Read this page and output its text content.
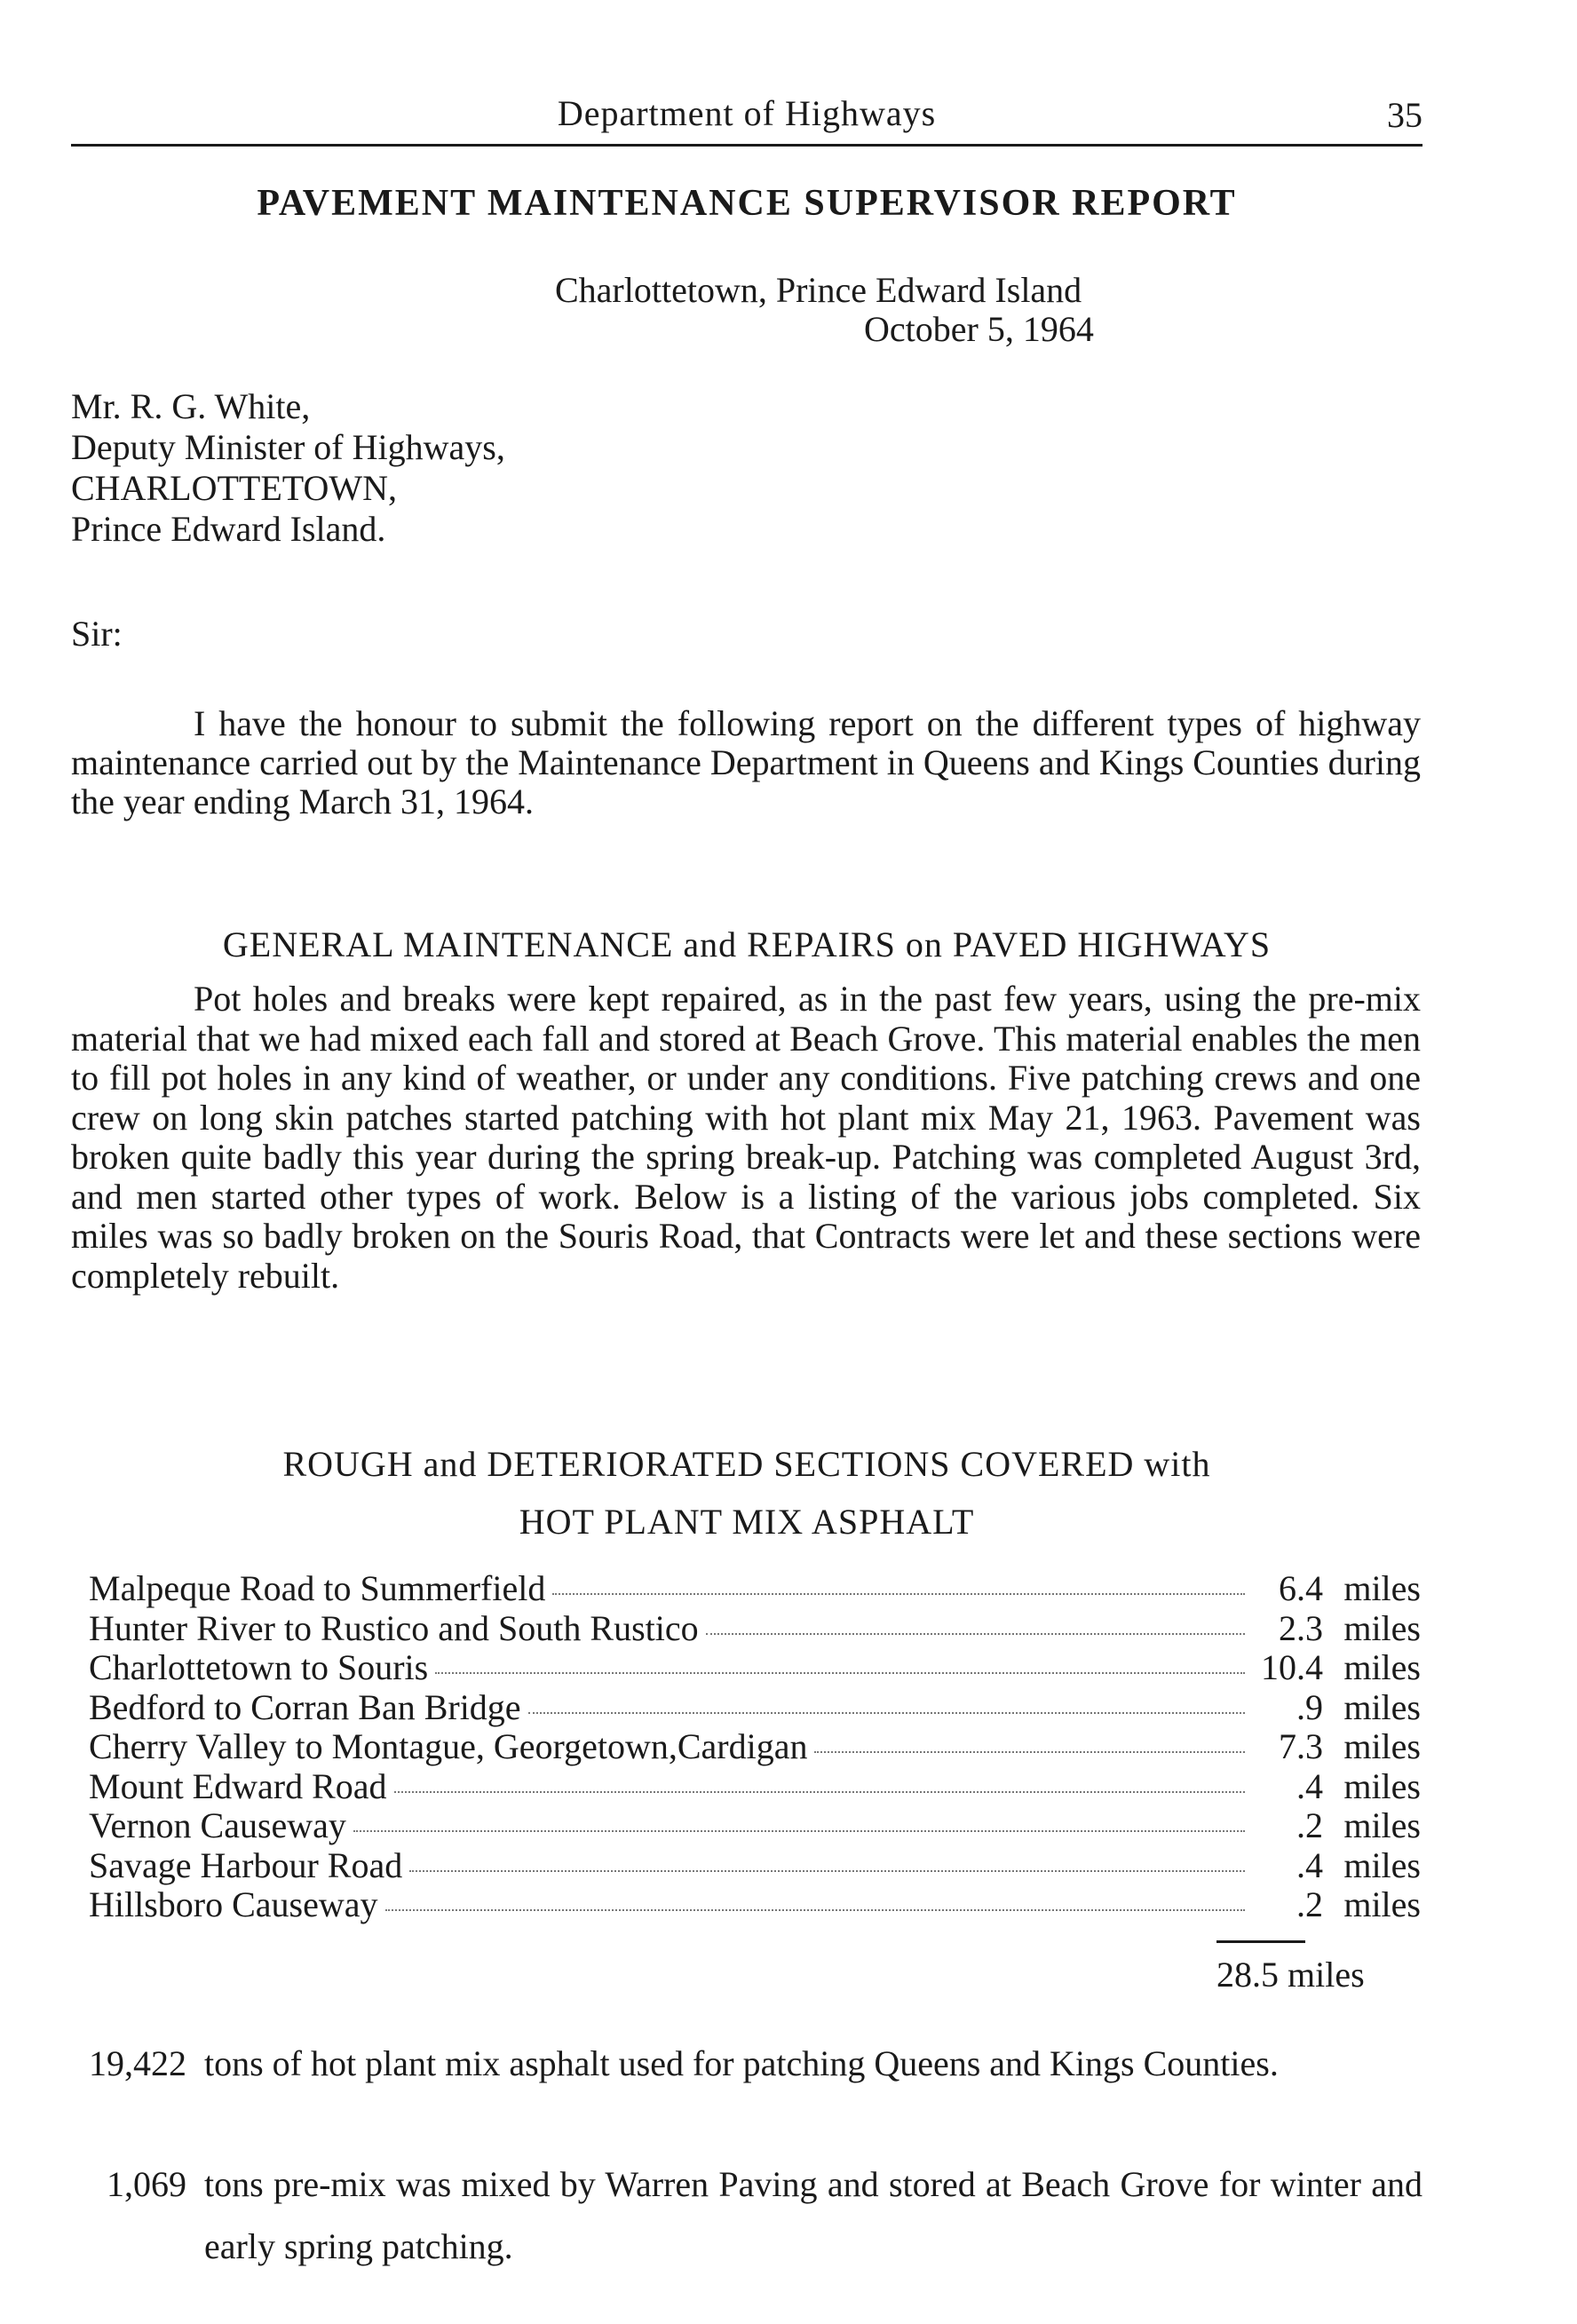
Department of Highways	35
PAVEMENT MAINTENANCE SUPERVISOR REPORT
Charlottetown, Prince Edward Island
October 5, 1964
Mr. R. G. White,
Deputy Minister of Highways,
CHARLOTTETOWN,
Prince Edward Island.
Sir:
I have the honour to submit the following report on the different types of highway maintenance carried out by the Maintenance Department in Queens and Kings Counties during the year ending March 31, 1964.
GENERAL MAINTENANCE and REPAIRS on PAVED HIGHWAYS
Pot holes and breaks were kept repaired, as in the past few years, using the pre-mix material that we had mixed each fall and stored at Beach Grove. This material enables the men to fill pot holes in any kind of weather, or under any conditions. Five patching crews and one crew on long skin patches started patching with hot plant mix May 21, 1963. Pavement was broken quite badly this year during the spring break-up. Patching was completed August 3rd, and men started other types of work. Below is a listing of the various jobs completed. Six miles was so badly broken on the Souris Road, that Contracts were let and these sections were completely rebuilt.
ROUGH and DETERIORATED SECTIONS COVERED with
HOT PLANT MIX ASPHALT
Malpeque Road to Summerfield	6.4 miles
Hunter River to Rustico and South Rustico	2.3 miles
Charlottetown to Souris	10.4 miles
Bedford to Corran Ban Bridge	.9 miles
Cherry Valley to Montague, Georgetown,Cardigan	7.3 miles
Mount Edward Road	.4 miles
Vernon Causeway	.2 miles
Savage Harbour Road	.4 miles
Hillsboro Causeway	.2 miles
28.5 miles
19,422 tons of hot plant mix asphalt used for patching Queens and Kings Counties.
1,069 tons pre-mix was mixed by Warren Paving and stored at Beach Grove for winter and early spring patching.
